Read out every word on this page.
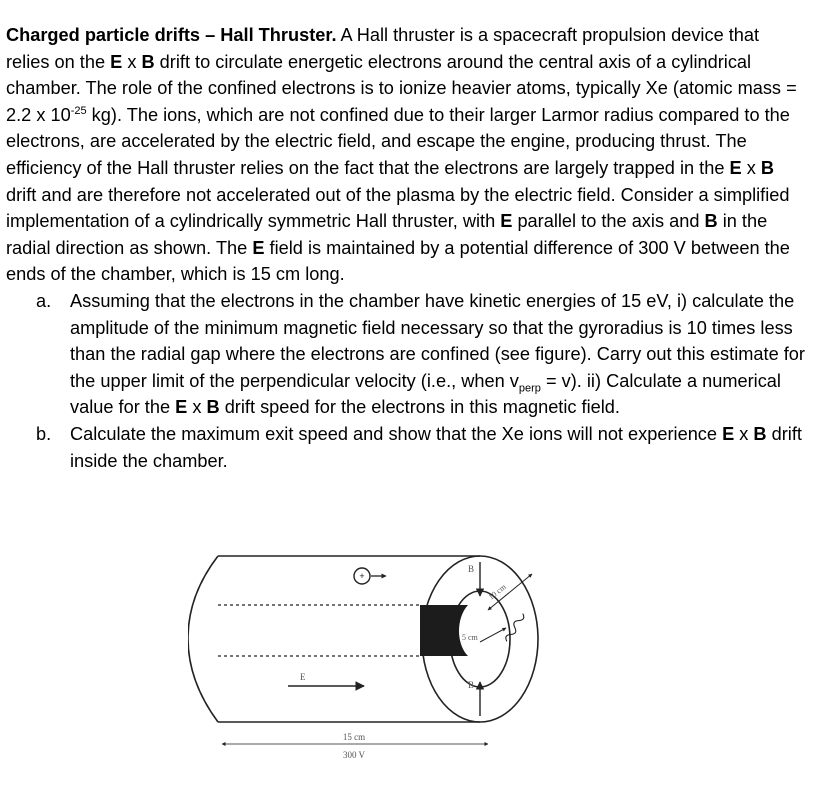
Charged particle drifts – Hall Thruster. A Hall thruster is a spacecraft propulsion device that relies on the E x B drift to circulate energetic electrons around the central axis of a cylindrical chamber. The role of the confined electrons is to ionize heavier atoms, typically Xe (atomic mass = 2.2 x $10^{-25}$ kg). The ions, which are not confined due to their larger Larmor radius compared to the electrons, are accelerated by the electric field, and escape the engine, producing thrust. The efficiency of the Hall thruster relies on the fact that the electrons are largely trapped in the E x B drift and are therefore not accelerated out of the plasma by the electric field. Consider a simplified implementation of a cylindrically symmetric Hall thruster, with E parallel to the axis and B in the radial direction as shown. The E field is maintained by a potential difference of 300 V between the ends of the chamber, which is 15 cm long.

a. Assuming that the electrons in the chamber have kinetic energies of 15 eV, i) calculate the amplitude of the minimum magnetic field necessary so that the gyroradius is 10 times less than the radial gap where the electrons are confined (see figure). Carry out this estimate for the upper limit of the perpendicular velocity (i.e., when $v_{perp} = v$). ii) Calculate a numerical value for the E x B drift speed for the electrons in this magnetic field.
b. Calculate the maximum exit speed and show that the Xe ions will not experience E x B drift inside the chamber.
+
B
B
10 cm
5 cm
E
15 cm
300 V
